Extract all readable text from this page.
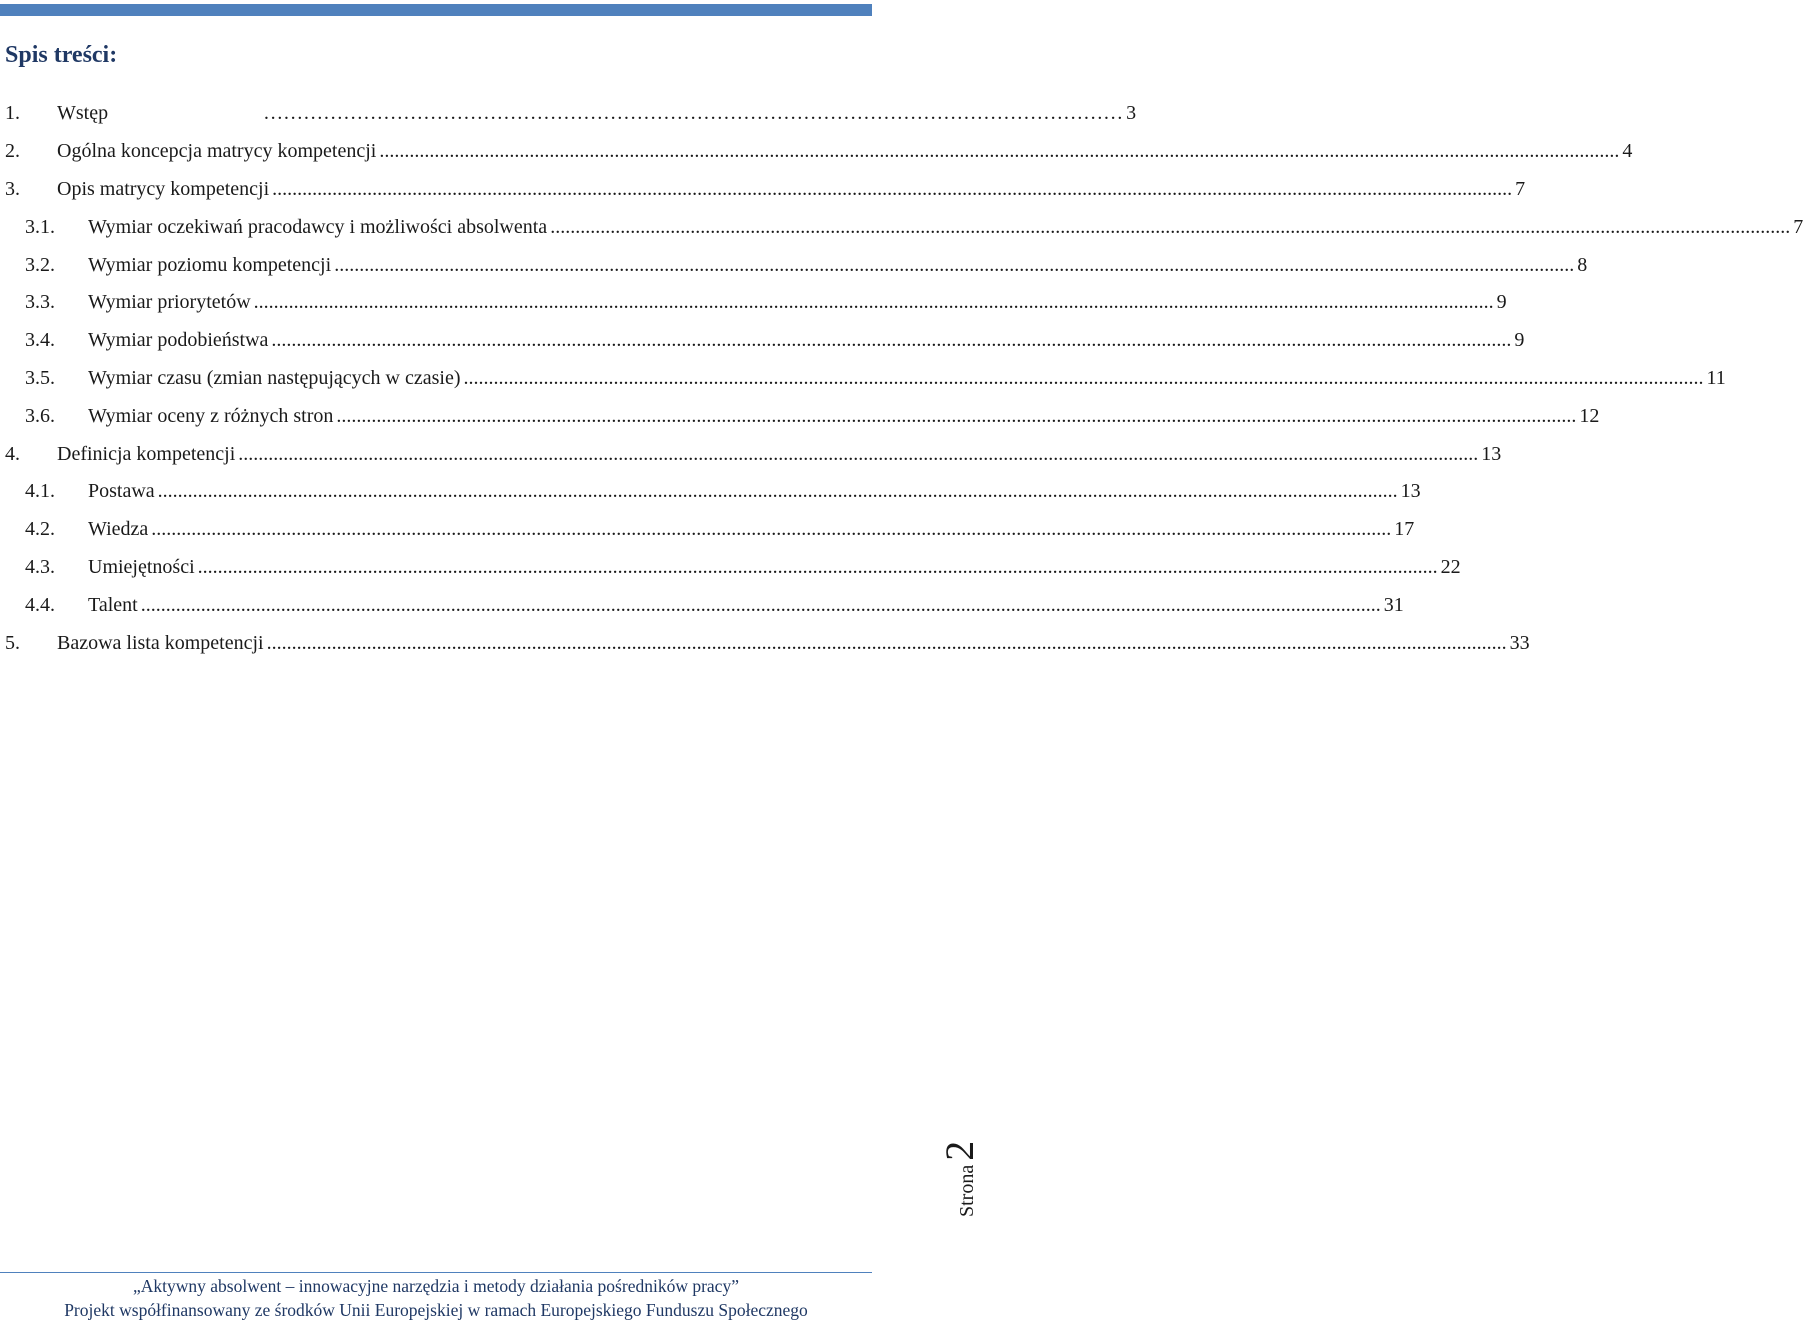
Spis treści:
1. Wstęp …………………………………………………………………………………………………………………	3
2. Ogólna koncepcja matrycy kompetencji .....	4
3. Opis matrycy kompetencji .....	7
3.1. Wymiar oczekiwań pracodawcy i możliwości absolwenta .....	7
3.2. Wymiar poziomu kompetencji .....	8
3.3. Wymiar priorytetów .....	9
3.4. Wymiar podobieństwa .....	9
3.5. Wymiar czasu (zmian następujących w czasie) .....	11
3.6. Wymiar oceny z różnych stron .....	12
4. Definicja kompetencji .....	13
4.1. Postawa .....	13
4.2. Wiedza .....	17
4.3. Umiejętności .....	22
4.4. Talent .....	31
5. Bazowa lista kompetencji .....	33
Strona
2
„Aktywny absolwent – innowacyjne narzędzia i metody działania pośredników pracy”
Projekt współfinansowany ze środków Unii Europejskiej w ramach Europejskiego Funduszu Społecznego
